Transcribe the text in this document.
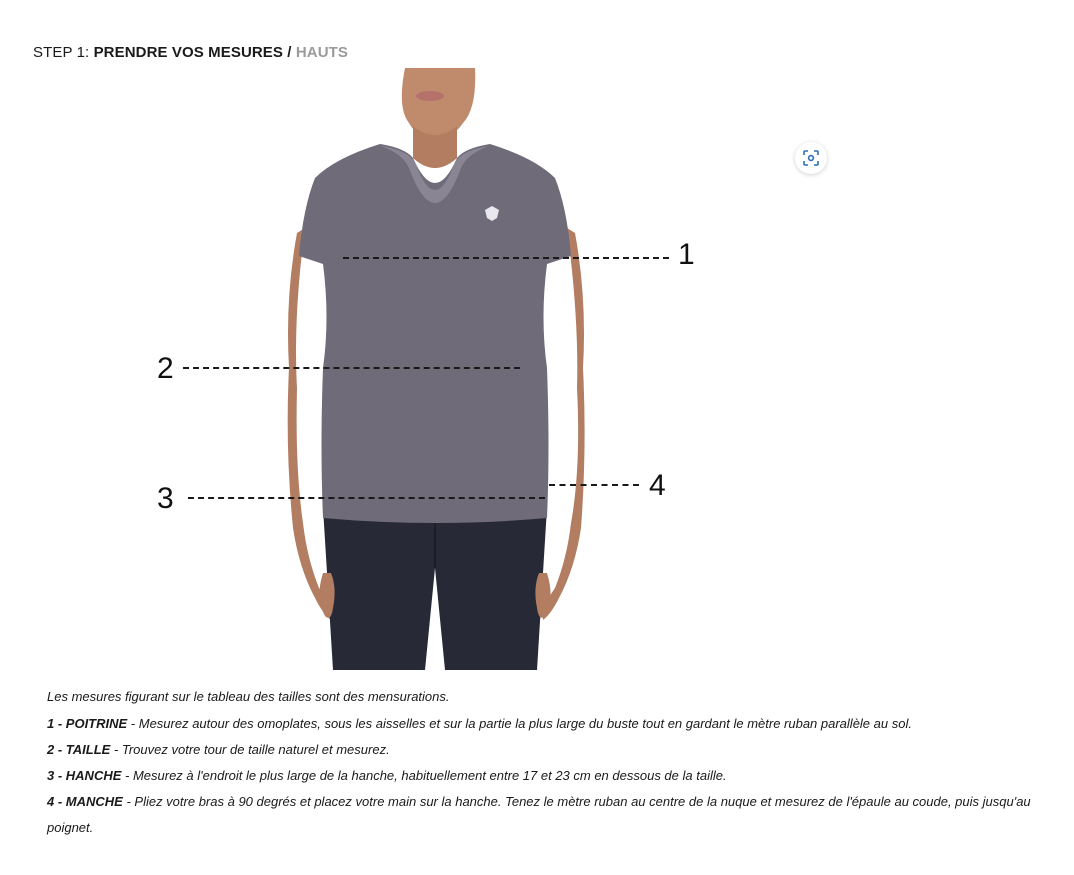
STEP 1: PRENDRE VOS MESURES / HAUTS
1
2
3	4

Les mesures figurant sur le tableau des tailles sont des mensurations.

1 - POITRINE - Mesurez autour des omoplates, sous les aisselles et sur la partie la plus large du buste tout en gardant le mètre ruban parallèle au sol.

2 - TAILLE - Trouvez votre tour de taille naturel et mesurez.

3 - HANCHE - Mesurez à l'endroit le plus large de la hanche, habituellement entre 17 et 23 cm en dessous de la taille.

4 - MANCHE - Pliez votre bras à 90 degrés et placez votre main sur la hanche. Tenez le mètre ruban au centre de la nuque et mesurez de l'épaule au coude, puis jusqu'au poignet.
